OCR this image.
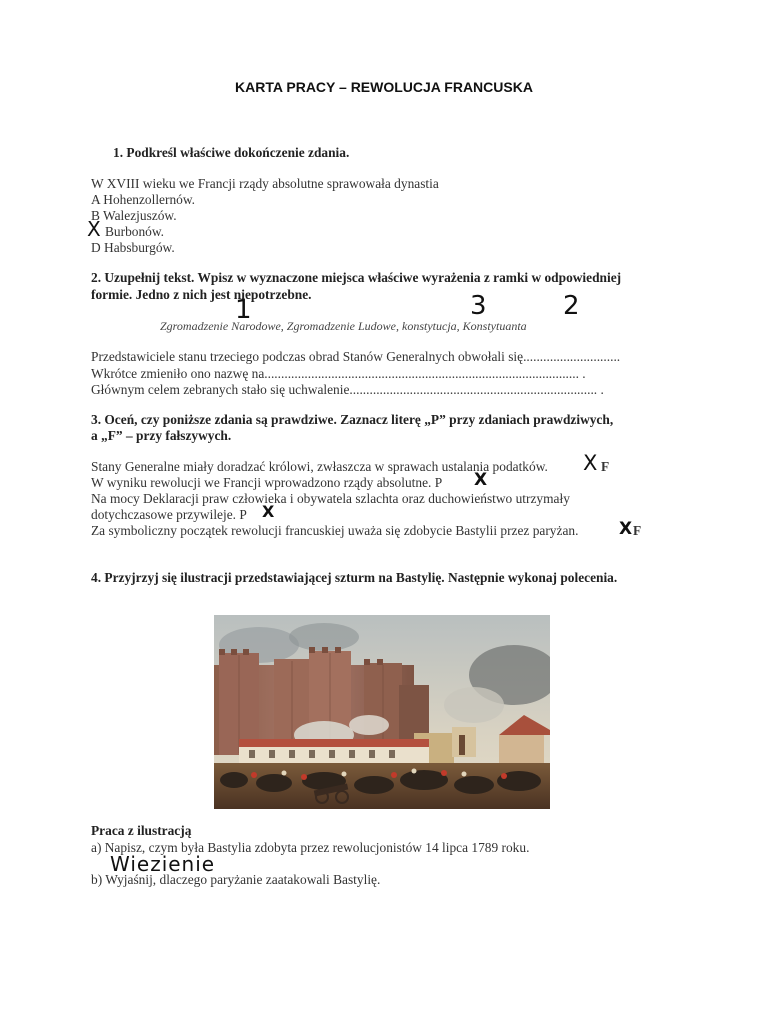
KARTA PRACY – REWOLUCJA FRANCUSKA
1. Podkreśl właściwe dokończenie zdania.
W XVIII wieku we Francji rządy absolutne sprawowała dynastia
A Hohenzollernów.
B Walezjuszów.
X Burbonów.
D Habsburgów.
2. Uzupełnij tekst. Wpisz w wyznaczone miejsca właściwe wyrażenia z ramki w odpowiedniej
formie. Jedno z nich jest niepotrzebne.
1	3	2
Zgromadzenie Narodowe, Zgromadzenie Ludowe, konstytucja, Konstytuanta
Przedstawiciele stanu trzeciego podczas obrad Stanów Generalnych obwołali się.............................
Wkrótce zmieniło ono nazwę na.............................................................................................. .
Głównym celem zebranych stało się uchwalenie.......................................................................... .
3. Oceń, czy poniższe zdania są prawdziwe. Zaznacz literę „P” przy zdaniach prawdziwych,
a „F” – przy fałszywych.
Stany Generalne miały doradzać królowi, zwłaszcza w sprawach ustalania podatków. X F
W wyniku rewolucji we Francji wprowadzono rządy absolutne. P X
Na mocy Deklaracji praw człowieka i obywatela szlachta oraz duchowieństwo utrzymały
dotychczasowe przywileje. P X
Za symboliczny początek rewolucji francuskiej uważa się zdobycie Bastylii przez paryżan. X F
4. Przyjrzyj się ilustracji przedstawiającej szturm na Bastylię. Następnie wykonaj polecenia.
Praca z ilustracją
a) Napisz, czym była Bastylia zdobyta przez rewolucjonistów 14 lipca 1789 roku.
Wiezienie
b) Wyjaśnij, dlaczego paryżanie zaatakowali Bastylię.
